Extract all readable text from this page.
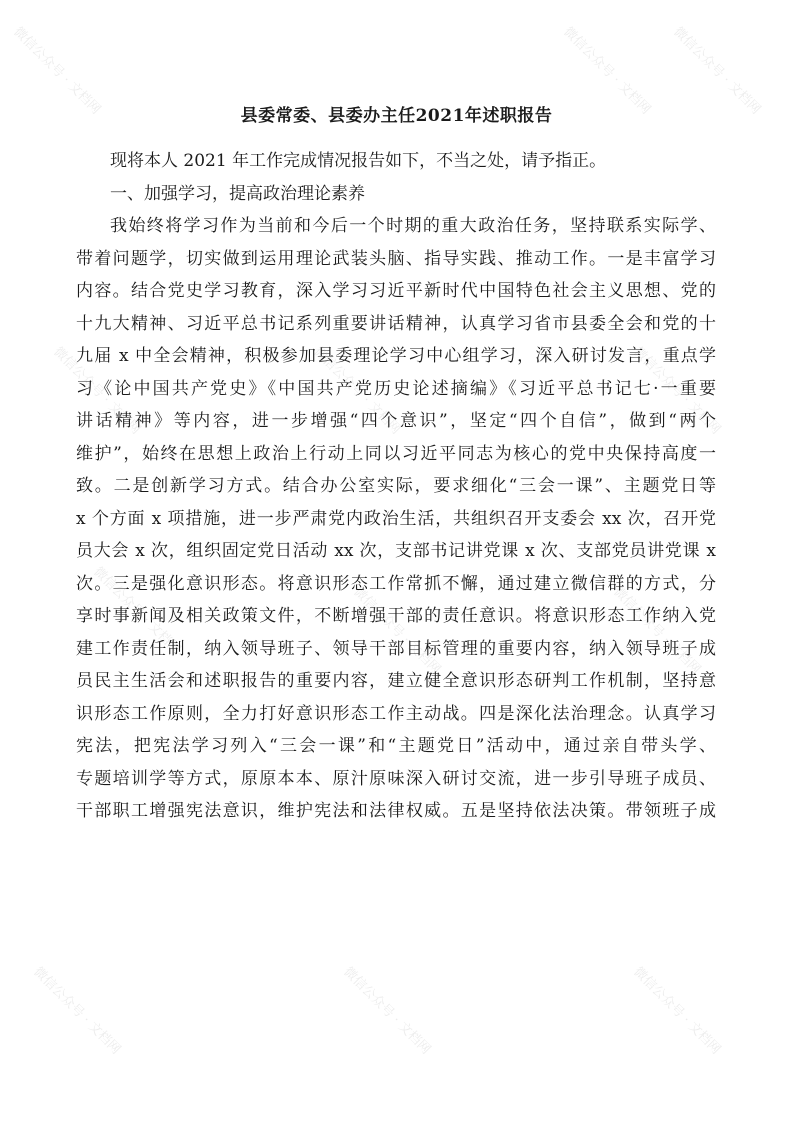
微信公众号 · 文档网	微信公众号 · 文档网 微信公众号 · 文档网
微信公众号 · 文档网	微信公众号 · 文档网	微信公众号 · 文档网
微信公众号 · 文档网	微信公众号 · 文档网	微信公众号 · 文档网
微信公众号 · 文档网	微信公众号 · 文档网	微信公众号 · 文档网
县委常委、县委办主任2021年述职报告
现将本人 2021 年工作完成情况报告如下，不当之处，请予指正。
一、加强学习，提高政治理论素养
我始终将学习作为当前和今后一个时期的重大政治任务，坚持联系实际学、
带着问题学，切实做到运用理论武装头脑、指导实践、推动工作。一是丰富学习
内容。结合党史学习教育，深入学习习近平新时代中国特色社会主义思想、党的
十九大精神、习近平总书记系列重要讲话精神，认真学习省市县委全会和党的十
九届 x 中全会精神，积极参加县委理论学习中心组学习，深入研讨发言，重点学
习《论中国共产党史》《中国共产党历史论述摘编》《习近平总书记七·一重要
讲话精神》等内容，进一步增强“四个意识”，坚定“四个自信”，做到“两个
维护”，始终在思想上政治上行动上同以习近平同志为核心的党中央保持高度一
致。二是创新学习方式。结合办公室实际，要求细化“三会一课”、主题党日等
x 个方面 x 项措施，进一步严肃党内政治生活，共组织召开支委会 xx 次，召开党
员大会 x 次，组织固定党日活动 xx 次，支部书记讲党课 x 次、支部党员讲党课 x
次。三是强化意识形态。将意识形态工作常抓不懈，通过建立微信群的方式，分
享时事新闻及相关政策文件，不断增强干部的责任意识。将意识形态工作纳入党
建工作责任制，纳入领导班子、领导干部目标管理的重要内容，纳入领导班子成
员民主生活会和述职报告的重要内容，建立健全意识形态研判工作机制，坚持意
识形态工作原则，全力打好意识形态工作主动战。四是深化法治理念。认真学习
宪法，把宪法学习列入“三会一课”和“主题党日”活动中，通过亲自带头学、
专题培训学等方式，原原本本、原汁原味深入研讨交流，进一步引导班子成员、
干部职工增强宪法意识，维护宪法和法律权威。五是坚持依法决策。带领班子成
